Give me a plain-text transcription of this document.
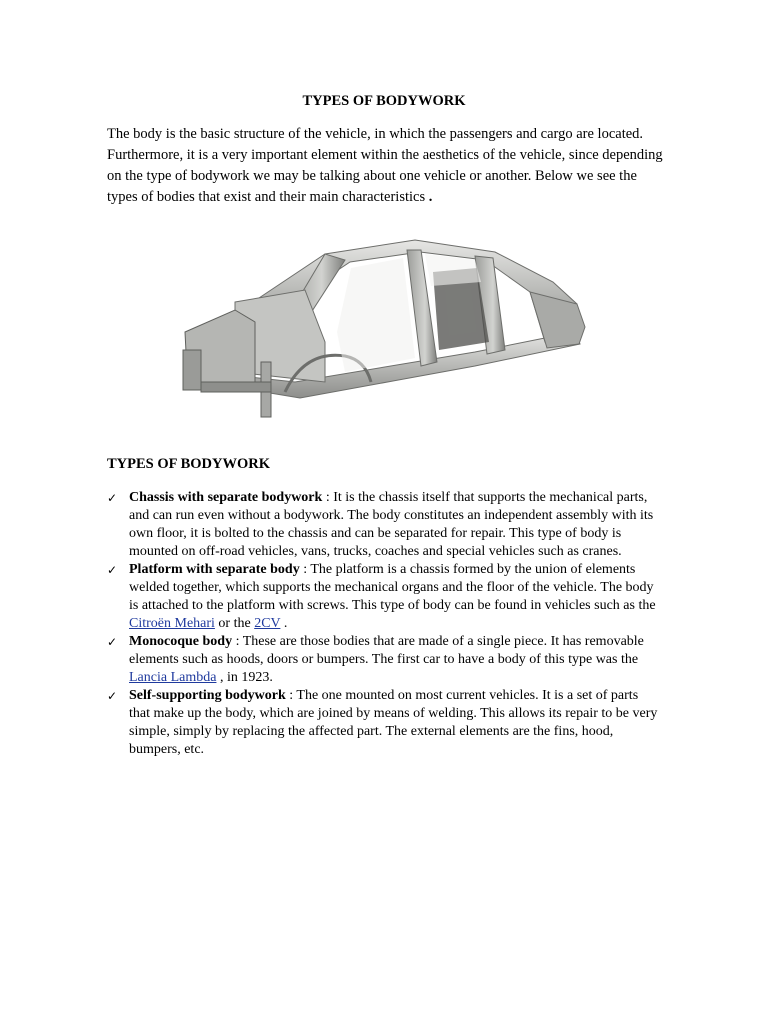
TYPES OF BODYWORK

The body is the basic structure of the vehicle, in which the passengers and cargo are located. Furthermore, it is a very important element within the aesthetics of the vehicle, since depending on the type of bodywork we may be talking about one vehicle or another. Below we see the types of bodies that exist and their main characteristics .

TYPES OF BODYWORK
✓ Chassis with separate bodywork : It is the chassis itself that supports the mechanical parts, and can run even without a bodywork. The body constitutes an independent assembly with its own floor, it is bolted to the chassis and can be separated for repair. This type of body is mounted on off-road vehicles, vans, trucks, coaches and special vehicles such as cranes.
✓ Platform with separate body : The platform is a chassis formed by the union of elements welded together, which supports the mechanical organs and the floor of the vehicle. The body is attached to the platform with screws. This type of body can be found in vehicles such as the Citroën Mehari or the 2CV .
✓ Monocoque body : These are those bodies that are made of a single piece. It has removable elements such as hoods, doors or bumpers. The first car to have a body of this type was the Lancia Lambda , in 1923.
✓ Self-supporting bodywork : The one mounted on most current vehicles. It is a set of parts that make up the body, which are joined by means of welding. This allows its repair to be very simple, simply by replacing the affected part. The external elements are the fins, hood, bumpers, etc.
